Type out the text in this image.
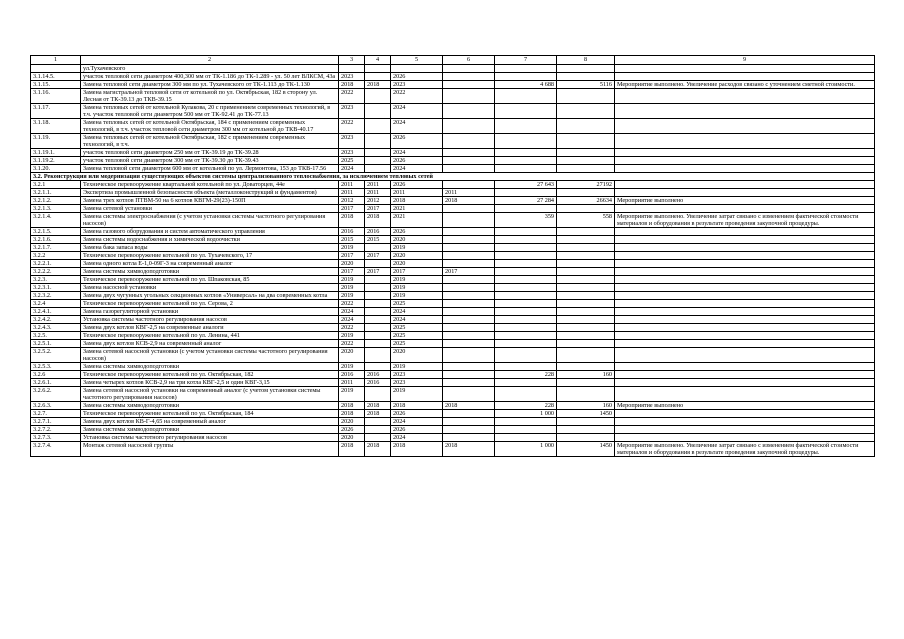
1	2	3	4	5	6	7	8	9
	ул.Тухачевского							
3.1.14.5.	участок тепловой сети диаметром 400,300 мм от ТК-1.186 до ТК-1.289 - ул. 50 лет ВЛКСМ, 43а	2023		2026				
3.1.15.	Замена тепловой сети диаметром 300 мм по ул. Тухачевского от ТК-1.113 до ТК-1.130	2018	2018	2023		4 688	5116	Мероприятие выполнено. Увеличение расходов связано с уточнением сметной стоимости.
3.1.16.	Замена магистральной тепловой сети от котельной по ул. Октябрьская, 182 в сторону ул. Лесная от ТК-39.13 до ТКВ-39.15	2022		2022				
3.1.17.	Замена тепловых сетей от котельной Кулакова, 20 с применением современных технологий, в т.ч. участок тепловой сети диаметром 500 мм от ТК-92.41 до ТК-77.13	2023		2024				
3.1.18.	Замена тепловых сетей от котельной Октябрьская, 184 с применением современных технологий, в т.ч. участок тепловой сети диаметром 300 мм от котельной до ТКВ-40.17	2022		2024				
3.1.19.	Замена тепловых сетей от котельной Октябрьская, 182 с применением современных технологий, в т.ч.	2023		2026				
3.1.19.1.	участок тепловой сети диаметром 250 мм от ТК-39.19 до ТК-39.28	2023		2024				
3.1.19.2.	участок тепловой сети диаметром 300 мм от ТК-39.30 до ТК-39.43	2025		2026				
3.1.20.	Замена тепловой сети диаметром 600 мм от котельной по ул. Лермонтова, 153 до ТКВ-17.56	2024		2024				
3.2. Реконструкция или модернизация существующих объектов системы централизованного теплоснабжения, за исключением тепловых сетей								
3.2.1	Техническое перевооружение квартальной котельной по ул. Доваторцев, 44е	2011	2011	2026		27 643	27192	
3.2.1.1.	Экспертиза промышленной безопасности объекта (металлоконструкций и фундаментов)	2011	2011	2011	2011			
3.2.1.2.	Замена трех котлов ПТВМ-50 на 6 котлов КВГМ-29(23)-150П	2012	2012	2018	2018	27 284	26634	Мероприятие выполнено
3.2.1.3.	Замена сетевой установки	2017	2017	2021				
3.2.1.4.	Замена системы электроснабжения (с учетом установки системы частотного регулирования насосов)	2018	2018	2021		359	558	Мероприятие выполнено. Увеличение затрат связано с изменением фактической стоимости материалов и оборудования в результате проведения закупочной процедуры.
3.2.1.5.	Замена газового оборудования и систем автоматического управления	2016	2016	2026				
3.2.1.6.	Замена системы водоснабжения и химической водоочистки	2015	2015	2020				
3.2.1.7.	Замена бака запаса воды	2019		2019				
3.2.2	Техническое перевооружение котельной по ул. Тухачевского, 17	2017	2017	2020				
3.2.2.1.	Замена одного котла Е-1,0-09Г-3 на современный аналог	2020		2020				
3.2.2.2.	Замена системы химводоподготовки	2017	2017	2017	2017			
3.2.3.	Техническое перевооружение котельной по ул. Шпаковская, 85	2019		2019				
3.2.3.1.	Замена насосной установки	2019		2019				
3.2.3.2.	Замена двух чугунных угольных секционных котлов «Универсал» на два современных котла	2019		2019				
3.2.4	Техническое перевооружение котельной по ул. Серова, 2	2022		2025				
3.2.4.1.	Замена газорегуляторной установки	2024		2024				
3.2.4.2.	Установка системы частотного регулирования насосов	2024		2024				
3.2.4.3.	Замена двух котлов КВГ-2,5 на современные аналоги	2022		2025				
3.2.5.	Техническое перевооружение котельной по ул. Ленина, 441	2019		2025				
3.2.5.1.	Замена двух котлов КСВ-2,9 на современный аналог	2022		2025				
3.2.5.2.	Замена сетевой насосной установки (с учетом установки системы частотного регулирования насосов)	2020		2020				
3.2.5.3.	Замена системы химводоподготовки	2019		2019				
3.2.6	Техническое перевооружение котельной по ул. Октябрьская, 182	2016	2016	2023		228	160	
3.2.6.1.	Замена четырех котлов КСВ-2,9 на три котла КВГ-2,5 и один КВГ-3,15	2011	2016	2023				
3.2.6.2.	Замена сетевой насосной установки на современный аналог (с учетом установки системы частотного регулирования насосов)	2019		2019				
3.2.6.3.	Замена системы химводоподготовки	2018	2018	2018	2018	228	160	Мероприятие выполнено
3.2.7.	Техническое перевооружение котельной по ул. Октябрьская, 184	2018	2018	2026		1 000	1450	
3.2.7.1.	Замена двух котлов КВ-Г-4,65 на современный аналог	2020		2024				
3.2.7.2.	Замена системы химводоподготовки	2026		2026				
3.2.7.3.	Установка системы частотного регулирования насосов	2020		2024				
3.2.7.4.	Монтаж сетевой насосной группы	2018	2018	2018	2018	1 000	1450	Мероприятие выполнено. Увеличение затрат связано с изменением фактической стоимости материалов и оборудования в результате проведения закупочной процедуры.
